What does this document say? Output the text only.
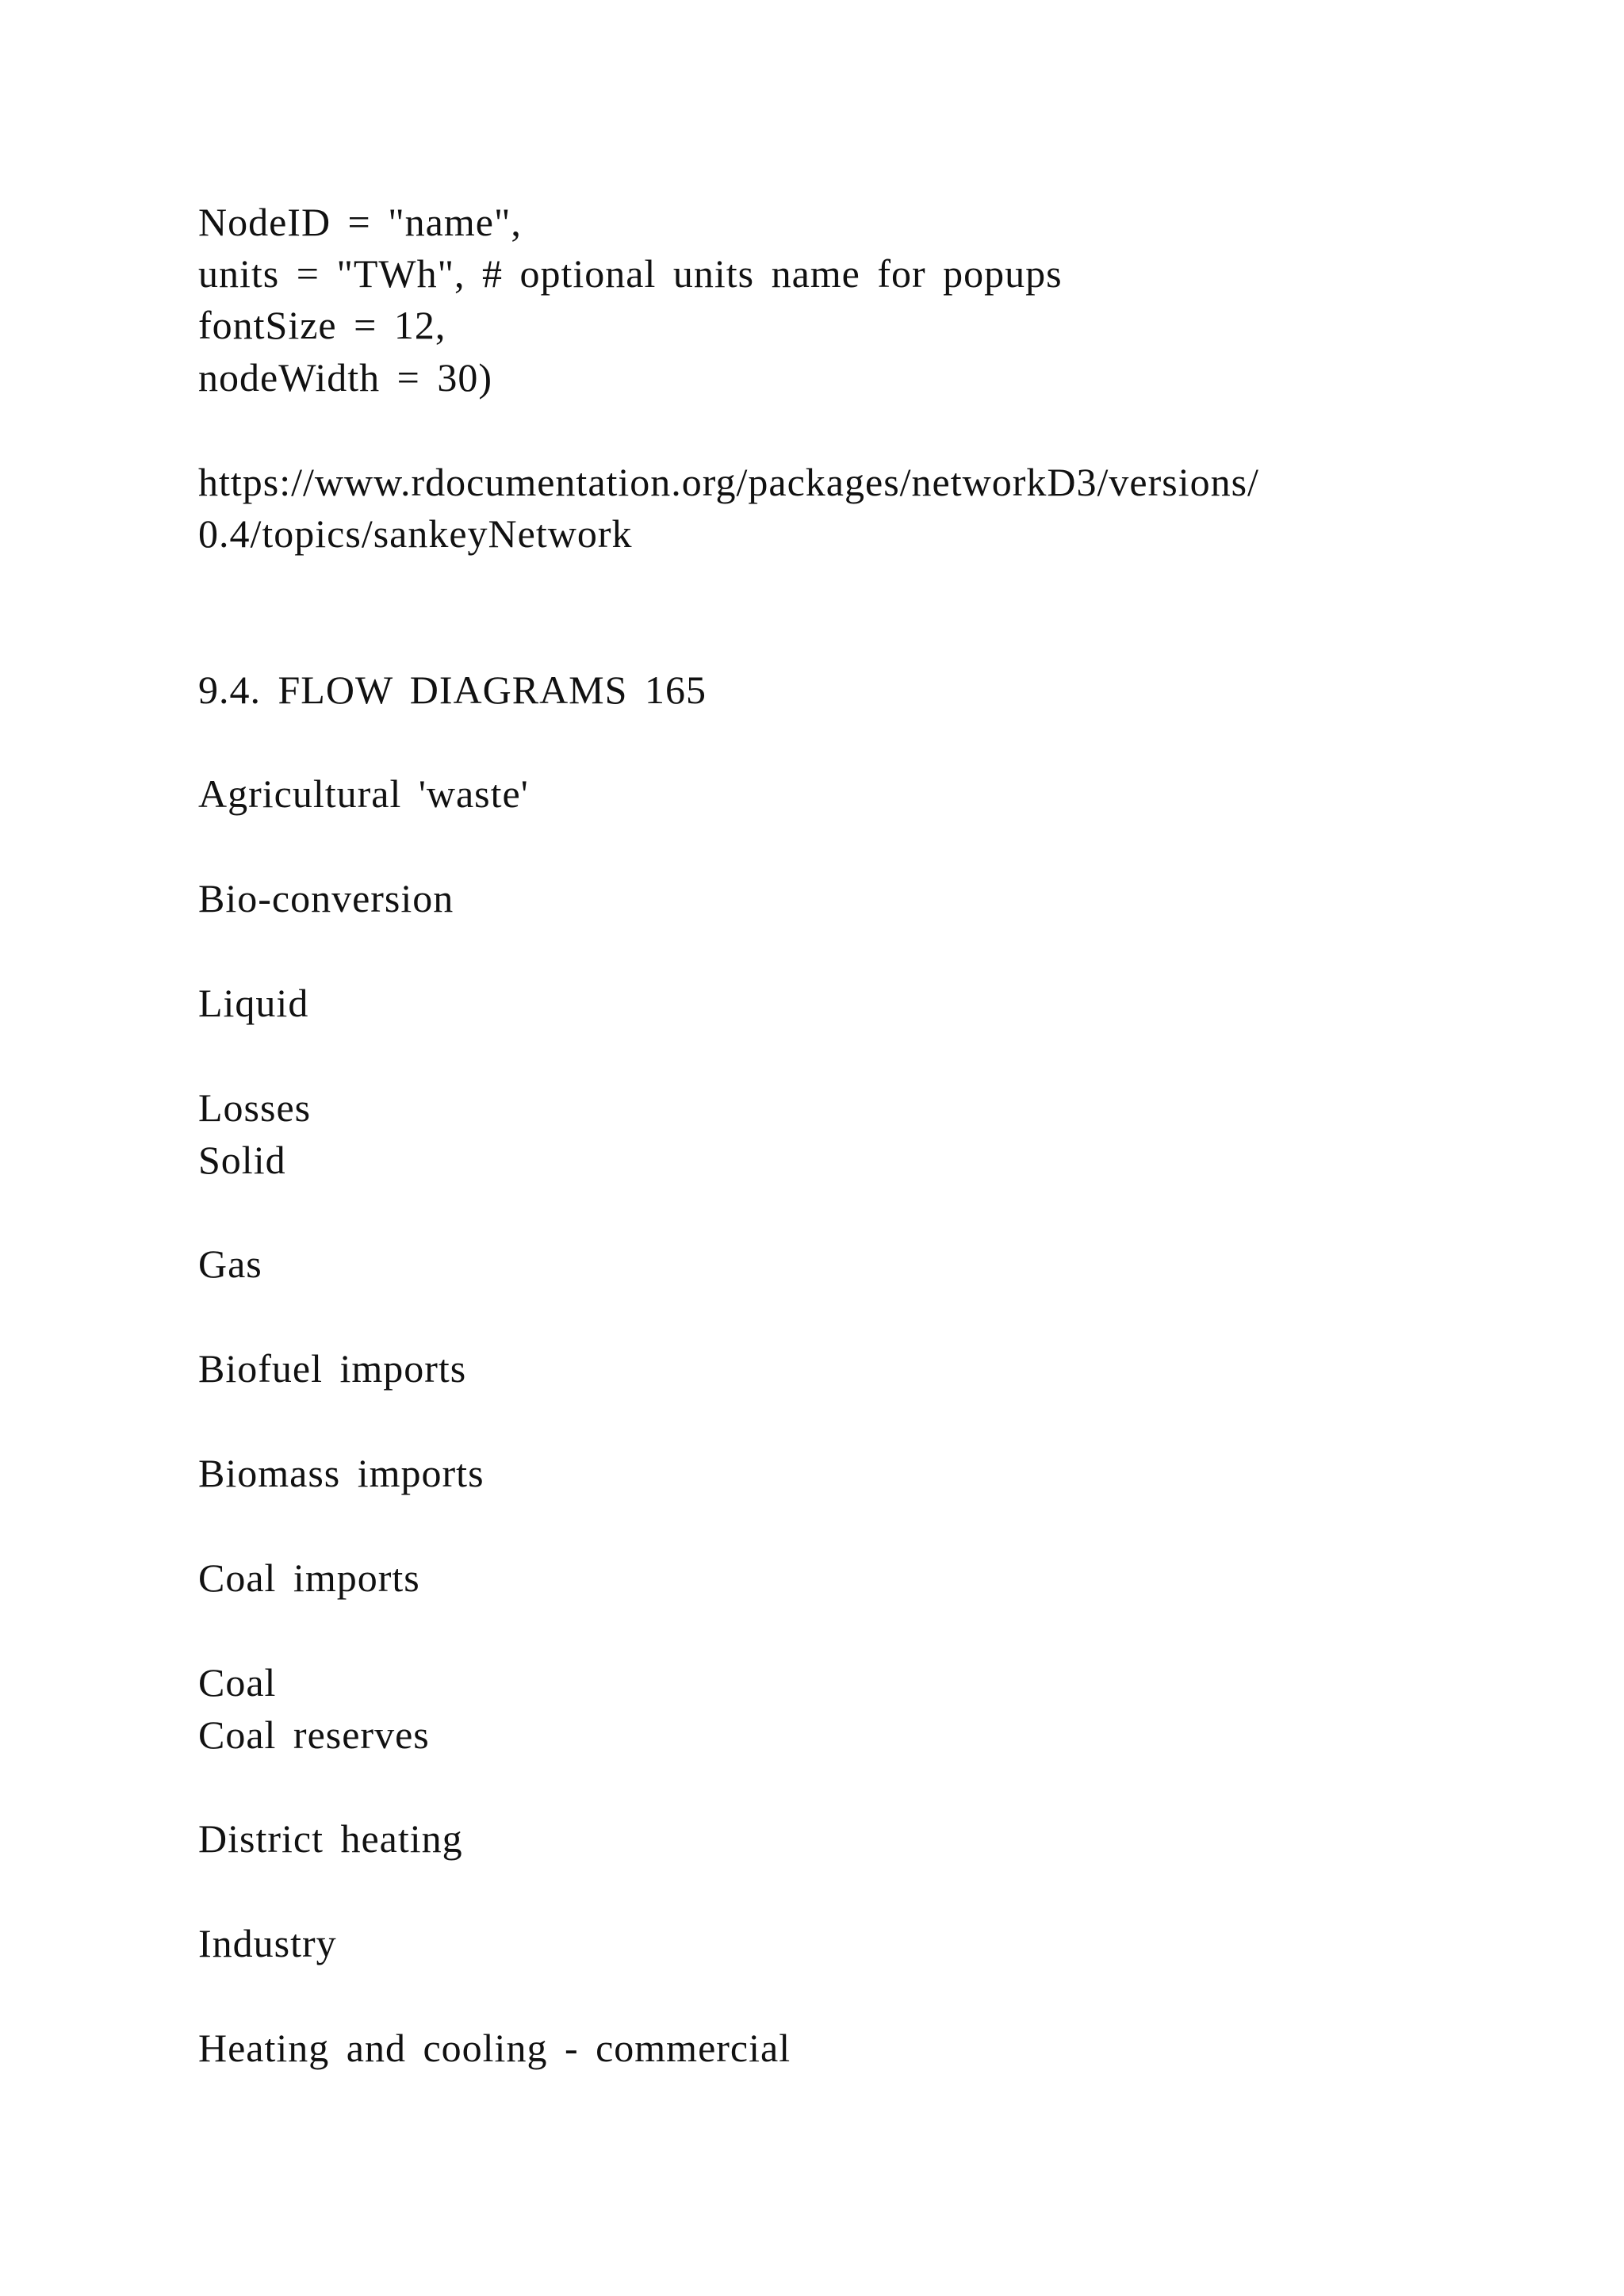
NodeID = "name",
units = "TWh", # optional units name for popups
fontSize = 12,
nodeWidth = 30)
https://www.rdocumentation.org/packages/networkD3/versions/
0.4/topics/sankeyNetwork
9.4. FLOW DIAGRAMS 165
Agricultural 'waste'
Bio-conversion
Liquid
Losses
Solid
Gas
Biofuel imports
Biomass imports
Coal imports
Coal
Coal reserves
District heating
Industry
Heating and cooling - commercial
